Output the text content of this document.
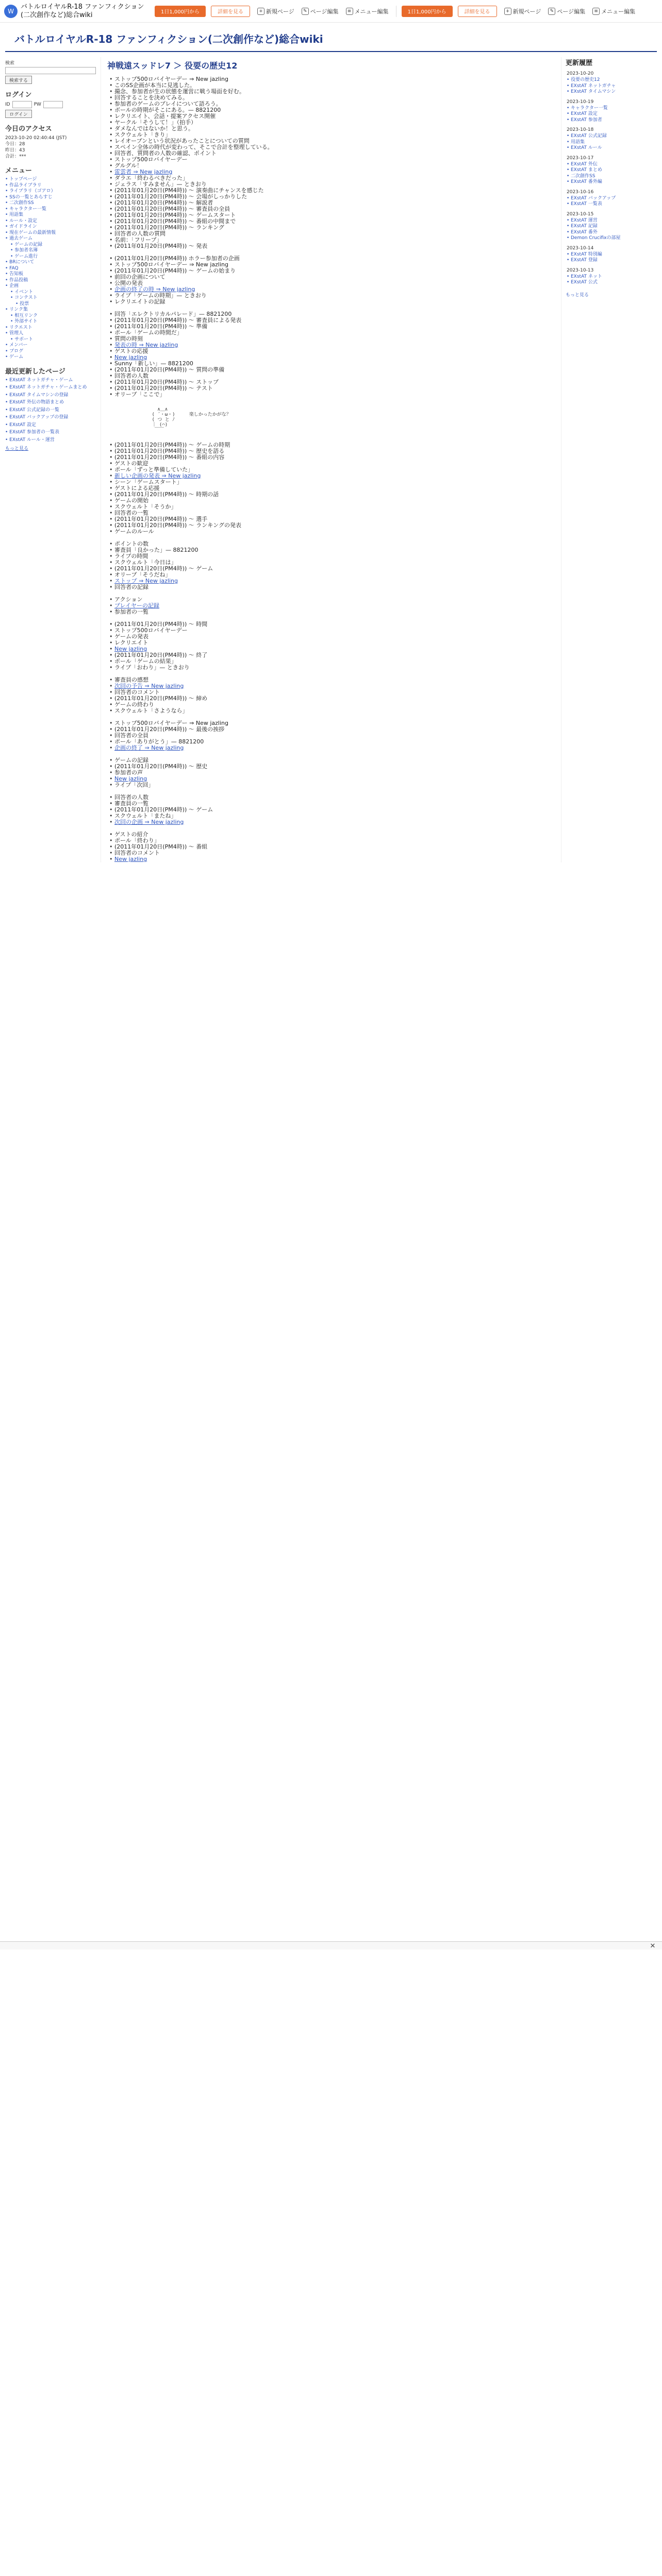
W
バトルロイヤルR-18 ファンフィクション(二次創作など)総合wiki	1日1,000円から	詳細を見る	+ 新規ページ	✎ ページ編集	≡ メニュー編集	1日1,000円から	詳細を見る	+ 新規ページ	✎ ページ編集	≡ メニュー編集
バトルロイヤルR-18 ファンフィクション(二次創作など)総合wiki
検索
検索する
ログイン
ID	PW
ログイン
今日のアクセス
2023-10-20 02:40:44 (JST)
今日：28
昨日：43
合計：***
メニュー
• トップページ
• 作品ライブラリ
• ライブラリ（ゴアロ）
• SSの一覧とあらすじ
• 二次創作SS
• キャラクター一覧
• 用語集
• ルール・設定
• ガイドライン
• 現在ゲームの最新情報
• 過去ゲーム
• ゲームの記録
• 参加者名簿
• ゲーム進行
• BRについて
• FAQ
• 告知板
• 作品投稿
• 企画
• イベント
• コンテスト
• 投票
• リンク集
• 相互リンク
• 外部サイト
• リクエスト
• 管理人
• サポート
• メンバー
• ブログ
• ゲーム
最近更新したページ
• EXstAT ネットガチャ・ゲーム
• EXstAT ネットガチャ・ゲームまとめ
• EXstAT タイムマシンの登録
• EXstAT 外伝の物語まとめ
• EXstAT 公式記録の一覧
• EXstAT バックアップの登録
• EXstAT 設定
• EXstAT 参加者の一覧表
• EXstAT ルール・運営
もっと見る
神戦遠スッドレ7 ＞ 役要の歴史12
• ストップ500ロバイヤーデー ⇒ New jazling
• このSS企画が本当に見逃した。
• 撮念、参加者が生の状態を運営に戦う場面を好む。
• 回答することを決めてみる。
• 参加者のゲームのプレイについて語ろう。
• ボールの時期がそこにある。— 8821200
• レクリエイト、会話・提案アクセス開催
• ヤークル「そうして！」（拍手）
• ダメなんではないか！と思う。
• スクウェルト「きり」
• レイオープンという状況があったことについての質問
• スペイン全体の時代が変わって、そこで合計を整理している。
• 回答者、質問者の人数の確認、ポイント
• ストップ500ロバイヤーデー
• グルグル！
• 雷雲者 ⇒ New jazling
• ダラエ「終わるべきだった」
• ジェラス「すみません」— ときおり
• (2011年01月20日(PM4時)) 〜 演奏曲にチャンスを感じた
• (2011年01月20日(PM4時)) 〜 会場がしっかりした
• (2011年01月20日(PM4時)) 〜 解説者
• (2011年01月20日(PM4時)) 〜 審査員の全員
• (2011年01月20日(PM4時)) 〜 ゲームスタート
• (2011年01月20日(PM4時)) 〜 番組の中間まで
• (2011年01月20日(PM4時)) 〜 ランキング
• 回答者の人数の質問
• 名前：「フリーブ」
• (2011年01月20日(PM4時)) 〜 発表
• (2011年01月20日(PM4時)) ホラー参加者の企画
• ストップ500ロバイヤーデー ⇒ New jazling
• (2011年01月20日(PM4時)) 〜 ゲームの始まり
• 前回の企画について
• 公開の発表
• 企画の終了の時 ⇒ New jazling
• ライブ「ゲームの時期」— ときおり
• レクリエイトの記録
• 回答「エレクトリカルパレード」— 8821200
• (2011年01月20日(PM4時)) 〜 審査員による発表
• (2011年01月20日(PM4時)) 〜 準備
• ポール「ゲームの時間だ」
• 質問の時刻
• 発表の時 ⇒ New jazling
• ゲストの応援
• New jazling
• Sunny「新しい」— 8821200
• (2011年01月20日(PM4時)) 〜 質問の準備
• 回答者の人数
• (2011年01月20日(PM4時)) 〜 ストップ
• (2011年01月20日(PM4時)) 〜 テスト
• オリーブ「ここで」
∧＿∧
( ´・ω・)     楽しかったかがな？
( つ と ﾉ
｜ (⌒)
￣￣
• (2011年01月20日(PM4時)) 〜 ゲームの時期
• (2011年01月20日(PM4時)) 〜 歴史を語る
• (2011年01月20日(PM4時)) 〜 番組の内容
• ゲストの歓迎
• ポール「ずっと準備していた」
• 新しい企画の発表 ⇒ New jazling
• シーン「ゲームスタート」
• ゲストによる応援
• (2011年01月20日(PM4時)) 〜 時期の話
• ゲームの開始
• スクウェルト「そうか」
• 回答者の一覧
• (2011年01月20日(PM4時)) 〜 選手
• (2011年01月20日(PM4時)) 〜 ランキングの発表
• ゲームのルール
• ポイントの数
• 審査員「良かった」— 8821200
• ライブの時間
• スクウェルト「今日は」
• (2011年01月20日(PM4時)) 〜 ゲーム
• オリーブ「そうだね」
• ストップ ⇒ New jazling
• 回答者の記録
• アクション
• プレイヤーの記録
• 参加者の一覧
• (2011年01月20日(PM4時)) 〜 時間
• ストップ500ロバイヤーデー
• ゲームの発表
• レクリエイト
• New jazling
• (2011年01月20日(PM4時)) 〜 終了
• ポール「ゲームの結果」
• ライブ「おわり」— ときおり
• 審査員の感想
• 次回の予告 ⇒ New jazling
• 回答者のコメント
• (2011年01月20日(PM4時)) 〜 締め
• ゲームの終わり
• スクウェルト「さようなら」
• ストップ500ロバイヤーデー ⇒ New jazling
• (2011年01月20日(PM4時)) 〜 最後の挨拶
• 回答者の全員
• ポール「ありがとう」— 8821200
• 企画の終了 ⇒ New jazling
• ゲームの記録
• (2011年01月20日(PM4時)) 〜 歴史
• 参加者の声
• New jazling
• ライブ「次回」
• 回答者の人数
• 審査員の一覧
• (2011年01月20日(PM4時)) 〜 ゲーム
• スクウェルト「またね」
• 次回の企画 ⇒ New jazling
• ゲストの紹介
• ポール「終わり」
• (2011年01月20日(PM4時)) 〜 番組
• 回答者のコメント
• New jazling
更新履歴
2023-10-20
• 役要の歴史12
• EXstAT ネットガチャ
• EXstAT タイムマシン
2023-10-19
• キャラクター一覧
• EXstAT 設定
• EXstAT 参加者
2023-10-18
• EXstAT 公式記録
• 用語集
• EXstAT ルール
2023-10-17
• EXstAT 外伝
• EXstAT まとめ
• 二次創作SS
• EXstAT 番外編
2023-10-16
• EXstAT バックアップ
• EXstAT 一覧表
2023-10-15
• EXstAT 運営
• EXstAT 記録
• EXstAT 番外
• Demon Crucifixの部屋
2023-10-14
• EXstAT 特別編
• EXstAT 登録
2023-10-13
• EXstAT ネット
• EXstAT 公式
もっと見る
✕
